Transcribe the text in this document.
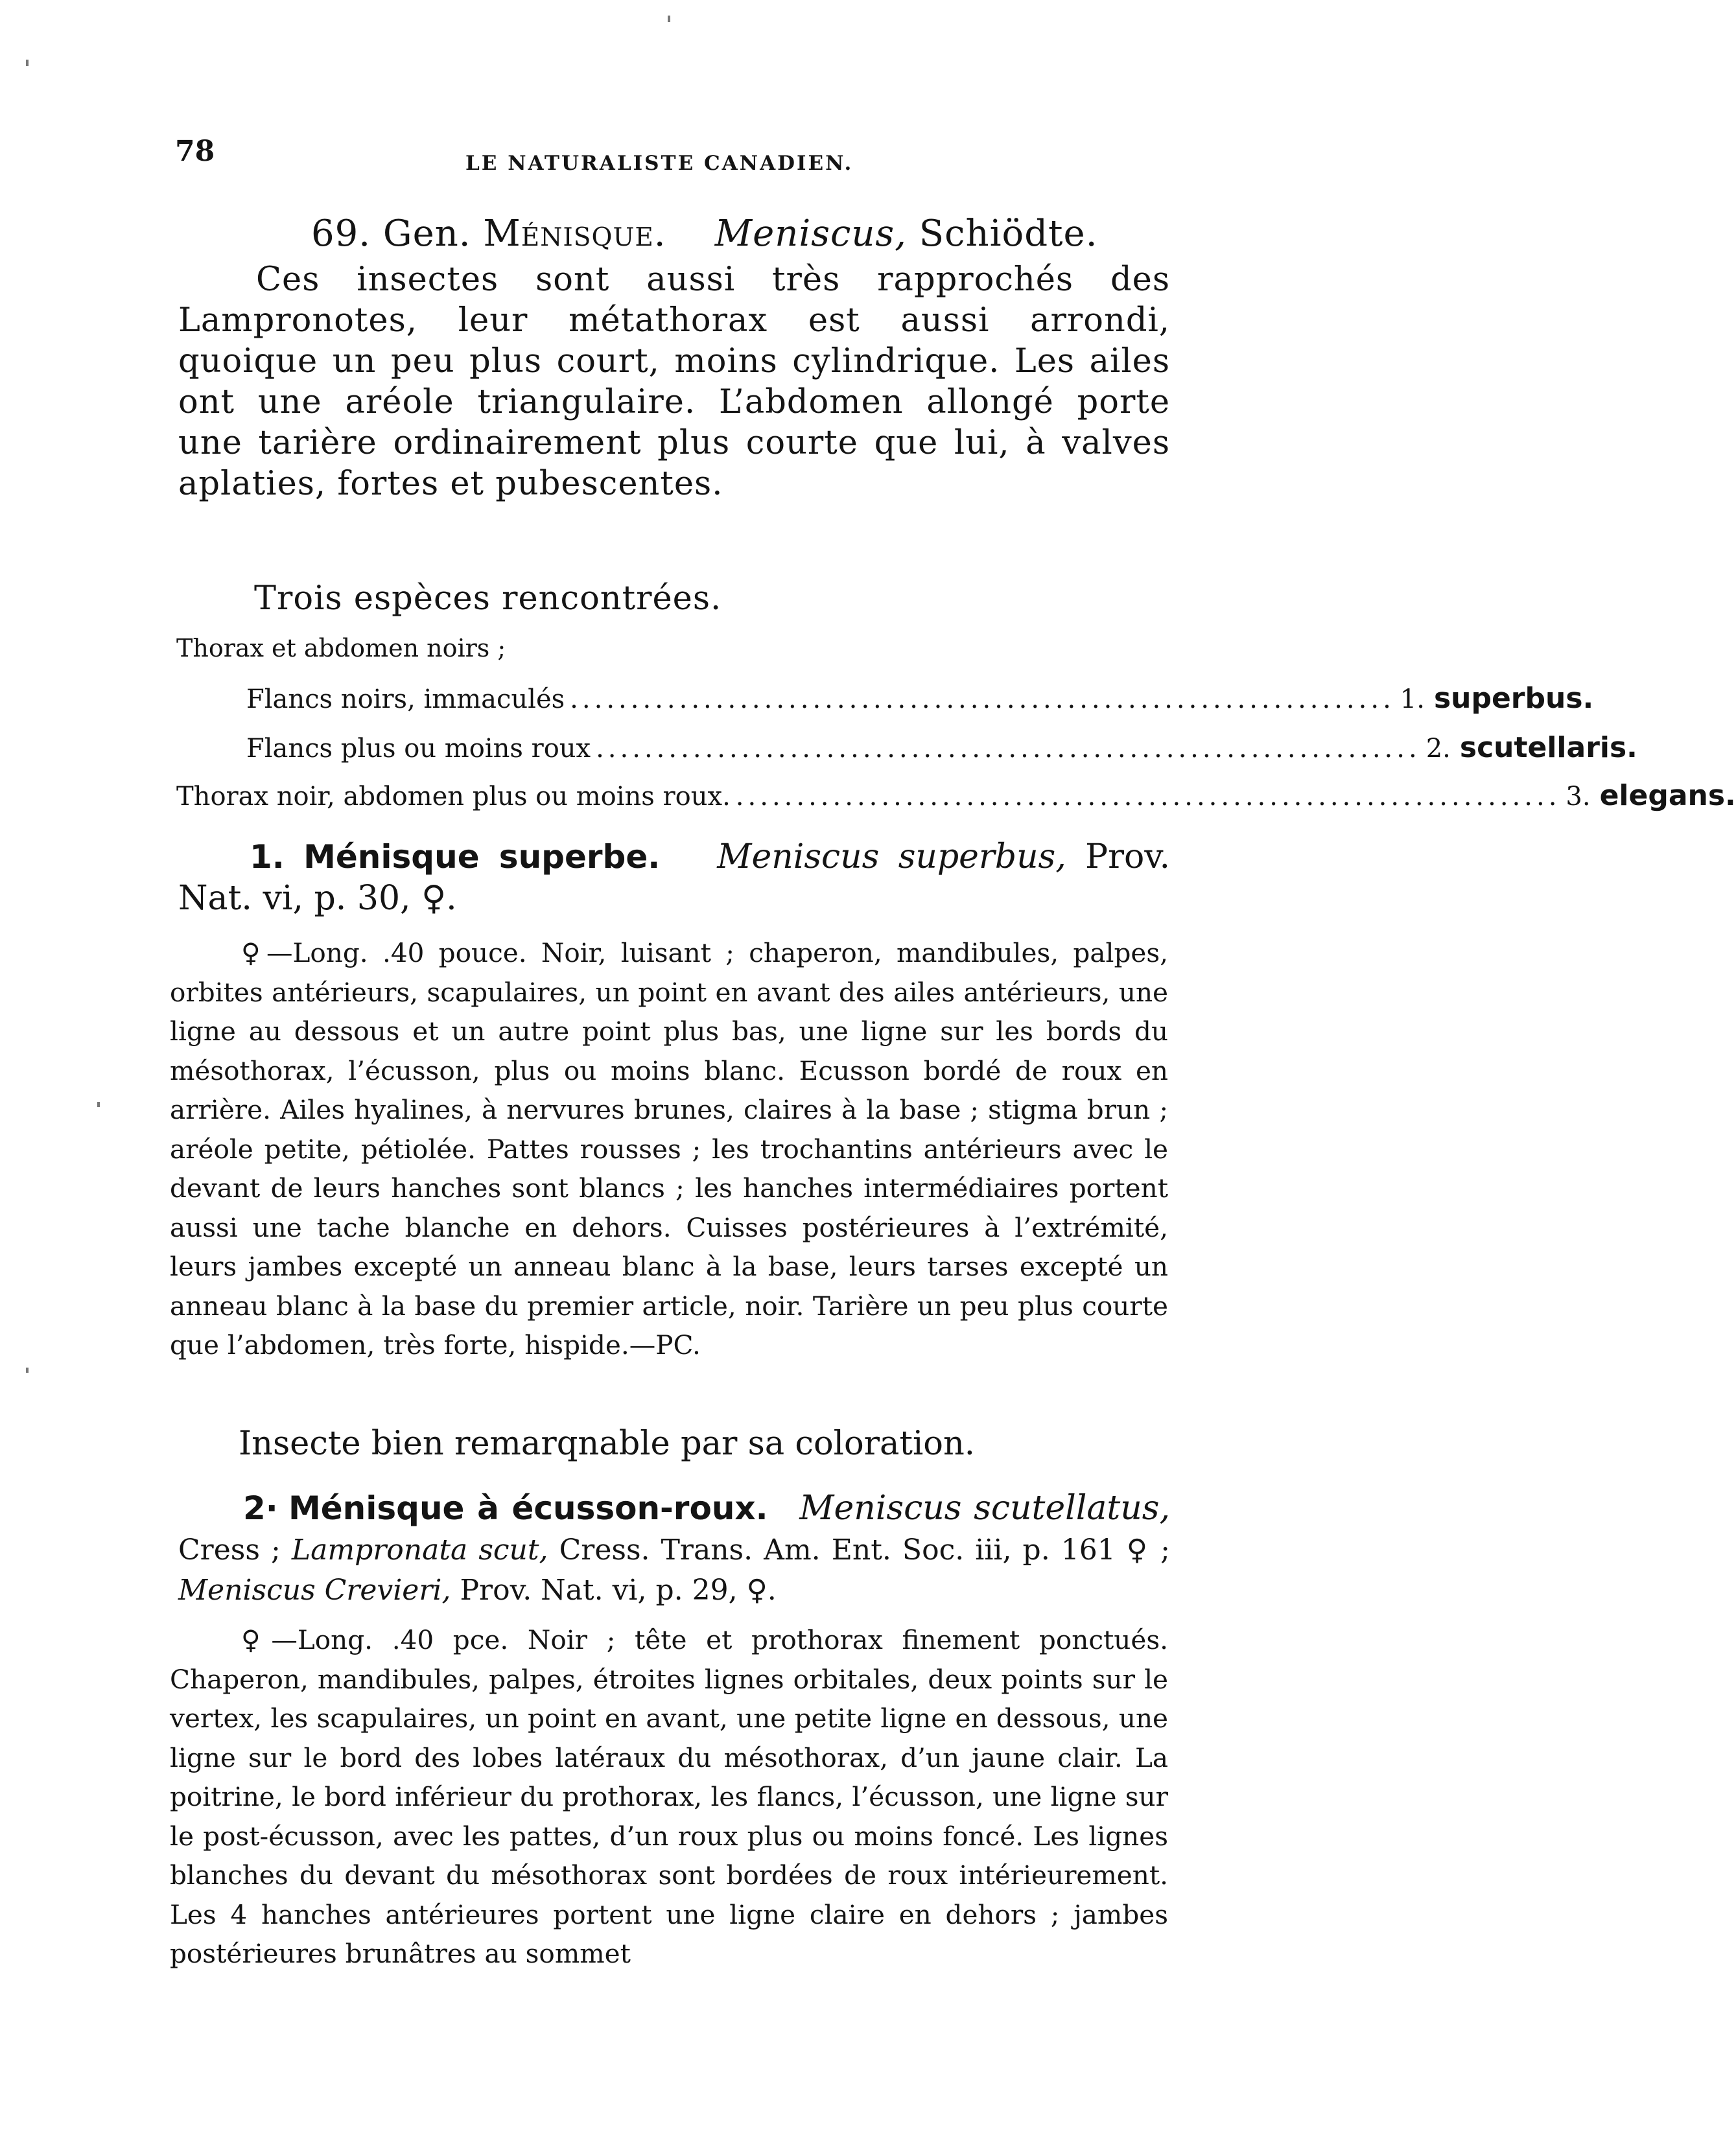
78	LE NATURALISTE CANADIEN.
69. Gen. Ménisque. Meniscus, Schiödte.

Ces insectes sont aussi très rapprochés des Lampronotes, leur métathorax est aussi arrondi, quoique un peu plus court, moins cylindrique. Les ailes ont une aréole triangulaire. L’abdomen allongé porte une tarière ordinairement plus courte que lui, à valves aplaties, fortes et pubescentes.

Trois espèces rencontrées.
Thorax et abdomen noirs ;
Flancs noirs, immaculés .................................................................... 1. superbus.
Flancs plus ou moins roux .................................................................... 2. scutellaris.
Thorax noir, abdomen plus ou moins roux. .................................................................... 3. elegans.
1. Ménisque superbe. Meniscus superbus, Prov. Nat. vi, p. 30, ♀.

♀—Long. .40 pouce. Noir, luisant ; chaperon, mandibules, palpes, orbites antérieurs, scapulaires, un point en avant des ailes antérieurs, une ligne au dessous et un autre point plus bas, une ligne sur les bords du mésothorax, l’écusson, plus ou moins blanc. Ecusson bordé de roux en arrière. Ailes hyalines, à nervures brunes, claires à la base ; stigma brun ; aréole petite, pétiolée. Pattes rousses ; les trochantins antérieurs avec le devant de leurs hanches sont blancs ; les hanches intermédiaires portent aussi une tache blanche en dehors. Cuisses postérieures à l’extrémité, leurs jambes excepté un anneau blanc à la base, leurs tarses excepté un anneau blanc à la base du premier article, noir. Tarière un peu plus courte que l’abdomen, très forte, hispide.—PC.

Insecte bien remarqnable par sa coloration.
2· Ménisque à écusson-roux. Meniscus scutellatus, Cress ; Lampronata scut, Cress. Trans. Am. Ent. Soc. iii, p. 161 ♀ ; Meniscus Crevieri, Prov. Nat. vi, p. 29, ♀.

♀—Long. .40 pce. Noir ; tête et prothorax finement ponctués. Chaperon, mandibules, palpes, étroites lignes orbitales, deux points sur le vertex, les scapulaires, un point en avant, une petite ligne en dessous, une ligne sur le bord des lobes latéraux du mésothorax, d’un jaune clair. La poitrine, le bord inférieur du prothorax, les flancs, l’écusson, une ligne sur le post-écusson, avec les pattes, d’un roux plus ou moins foncé. Les lignes blanches du devant du mésothorax sont bordées de roux intérieurement. Les 4 hanches antérieures portent une ligne claire en dehors ; jambes postérieures brunâtres au sommet
